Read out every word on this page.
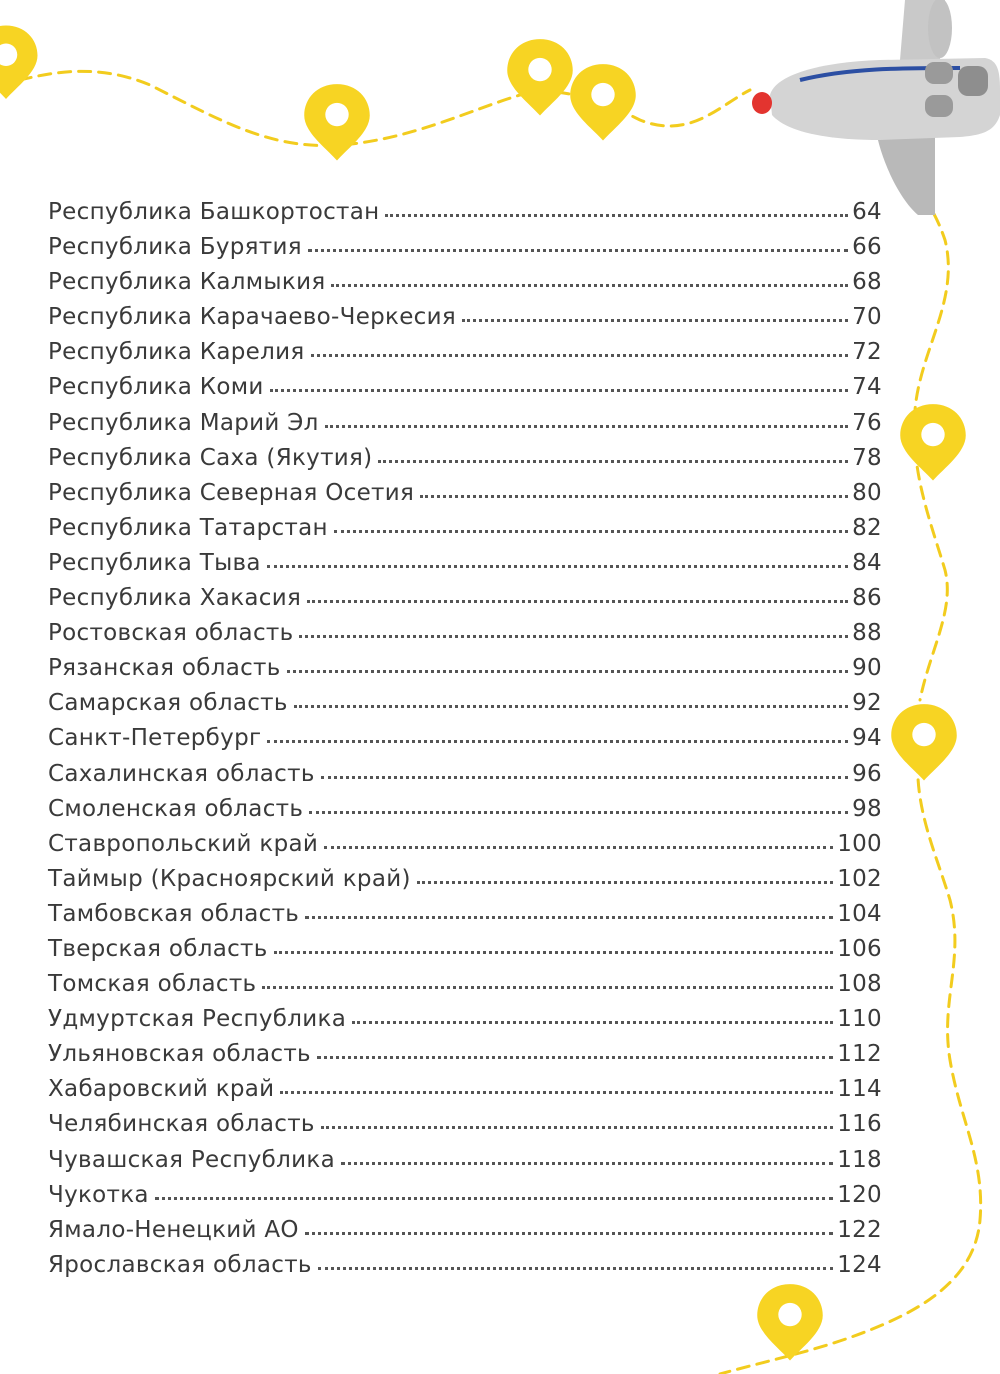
Республика Башкортостан	64
Республика Бурятия	66
Республика Калмыкия	68
Республика Карачаево-Черкесия	70
Республика Карелия	72
Республика Коми	74
Республика Марий Эл	76
Республика Саха (Якутия)	78
Республика Северная Осетия	80
Республика Татарстан	82
Республика Тыва	84
Республика Хакасия	86
Ростовская область	88
Рязанская область	90
Самарская область	92
Санкт-Петербург	94
Сахалинская область	96
Смоленская область	98
Ставропольский край	100
Таймыр (Красноярский край)	102
Тамбовская область	104
Тверская область	106
Томская область	108
Удмуртская Республика	110
Ульяновская область	112
Хабаровский край	114
Челябинская область	116
Чувашская Республика	118
Чукотка	120
Ямало-Ненецкий АО	122
Ярославская область	124
